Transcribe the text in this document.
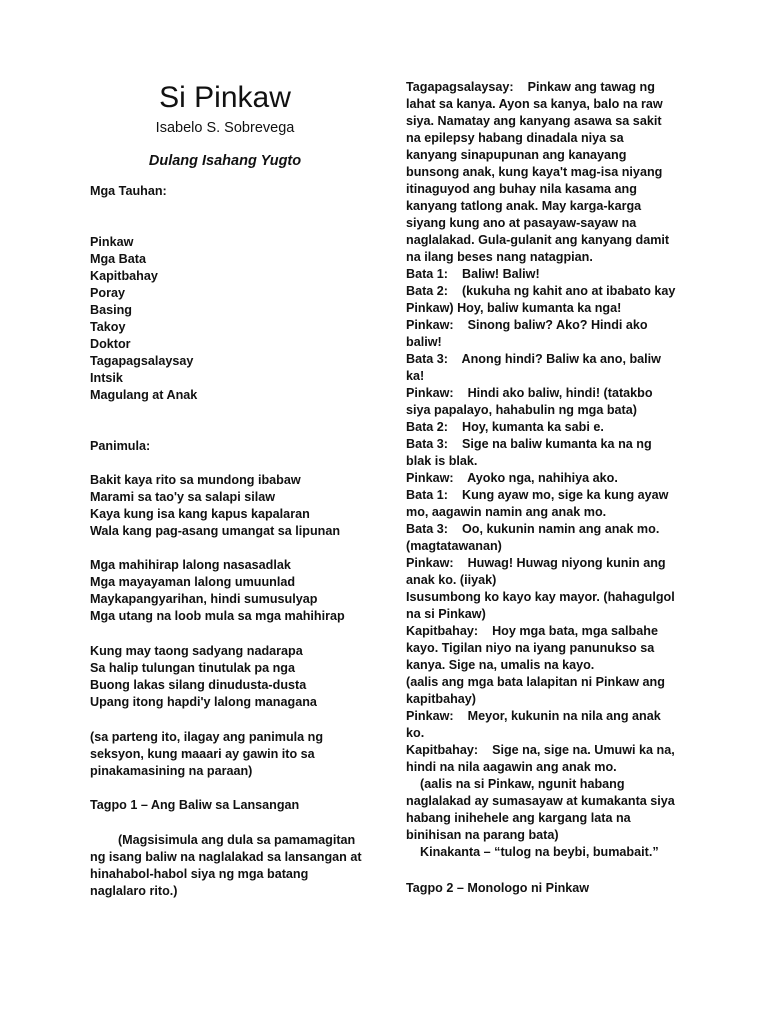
Si Pinkaw
Isabelo S. Sobrevega
Dulang Isahang Yugto
Mga Tauhan:
Pinkaw
Mga Bata
Kapitbahay
Poray
Basing
Takoy
Doktor
Tagapagsalaysay
Intsik
Magulang at Anak
Panimula:
Bakit kaya rito sa mundong ibabaw
Marami sa tao'y sa salapi silaw
Kaya kung isa kang kapus kapalaran
Wala kang pag-asang umangat sa lipunan
Mga mahihirap lalong nasasadlak
Mga mayayaman lalong umuunlad
Maykapangyarihan, hindi sumusulyap
Mga utang na loob mula sa mga mahihirap
Kung may taong sadyang nadarapa
Sa halip tulungan tinutulak pa nga
Buong lakas silang dinudusta-dusta
Upang itong hapdi'y lalong managana
(sa parteng ito, ilagay ang panimula ng
seksyon, kung maaari ay gawin ito sa
pinakamasining na paraan)
Tagpo 1 – Ang Baliw sa Lansangan
(Magsisimula ang dula sa pamamagitan
ng isang baliw na naglalakad sa lansangan at
hinahabol-habol siya ng mga batang
naglalaro rito.)
Tagapagsalaysay:    Pinkaw ang tawag ng
lahat sa kanya. Ayon sa kanya, balo na raw
siya. Namatay ang kanyang asawa sa sakit
na epilepsy habang dinadala niya sa
kanyang sinapupunan ang kanayang
bunsong anak, kung kaya't mag-isa niyang
itinaguyod ang buhay nila kasama ang
kanyang tatlong anak. May karga-karga
siyang kung ano at pasayaw-sayaw na
naglalakad. Gula-gulanit ang kanyang damit
na ilang beses nang natagpian.
Bata 1:    Baliw! Baliw!
Bata 2:    (kukuha ng kahit ano at ibabato kay
Pinkaw) Hoy, baliw kumanta ka nga!
Pinkaw:    Sinong baliw? Ako? Hindi ako
baliw!
Bata 3:    Anong hindi? Baliw ka ano, baliw
ka!
Pinkaw:    Hindi ako baliw, hindi! (tatakbo
siya papalayo, hahabulin ng mga bata)
Bata 2:    Hoy, kumanta ka sabi e.
Bata 3:    Sige na baliw kumanta ka na ng
blak is blak.
Pinkaw:    Ayoko nga, nahihiya ako.
Bata 1:    Kung ayaw mo, sige ka kung ayaw
mo, aagawin namin ang anak mo.
Bata 3:    Oo, kukunin namin ang anak mo.
(magtatawanan)
Pinkaw:    Huwag! Huwag niyong kunin ang
anak ko. (iiyak)
Isusumbong ko kayo kay mayor. (hahagulgol
na si Pinkaw)
Kapitbahay:    Hoy mga bata, mga salbahe
kayo. Tigilan niyo na iyang panunukso sa
kanya. Sige na, umalis na kayo.
(aalis ang mga bata lalapitan ni Pinkaw ang
kapitbahay)
Pinkaw:    Meyor, kukunin na nila ang anak
ko.
Kapitbahay:    Sige na, sige na. Umuwi ka na,
hindi na nila aagawin ang anak mo.
(aalis na si Pinkaw, ngunit habang
naglalakad ay sumasayaw at kumakanta siya
habang inihehele ang kargang lata na
binihisan na parang bata)
Kinakanta – “tulog na beybi, bumabait.”
Tagpo 2 – Monologo ni Pinkaw
